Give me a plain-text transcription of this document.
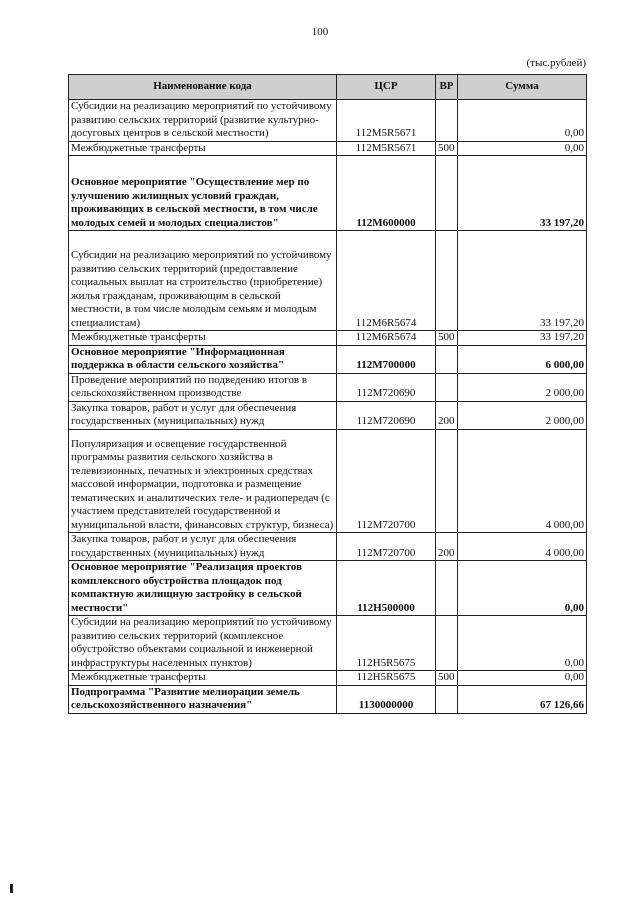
100
(тыс.рублей)
Наименование кода	ЦСР	ВР	Сумма
Субсидии на реализацию мероприятий по устойчивому развитию сельских территорий (развитие культурно-досуговых центров в сельской местности)	112M5R5671		0,00
Межбюджетные трансферты	112M5R5671	500	0,00
Основное мероприятие "Осуществление мер по улучшению жилищных условий граждан, проживающих в сельской местности, в том числе молодых семей и молодых специалистов"	112M600000		33 197,20
Субсидии на реализацию мероприятий по устойчивому развитию сельских территорий (предоставление социальных выплат на строительство (приобретение) жилья гражданам, проживающим в сельской местности, в том числе молодым семьям и молодым специалистам)	112M6R5674		33 197,20
Межбюджетные трансферты	112M6R5674	500	33 197,20
Основное мероприятие "Информационная поддержка в области сельского хозяйства"	112M700000		6 000,00
Проведение мероприятий по подведению итогов в сельскохозяйственном производстве	112M720690		2 000,00
Закупка товаров, работ и услуг для обеспечения государственных (муниципальных) нужд	112M720690	200	2 000,00
Популяризация и освещение государственной программы развития сельского хозяйства в телевизионных, печатных и электронных средствах массовой информации, подготовка и размещение тематических и аналитических теле- и радиопередач (с участием представителей государственной и муниципальной власти, финансовых структур, бизнеса)	112M720700		4 000,00
Закупка товаров, работ и услуг для обеспечения государственных (муниципальных) нужд	112M720700	200	4 000,00
Основное мероприятие "Реализация проектов комплексного обустройства площадок под компактную жилищную застройку в сельской местности"	112H500000		0,00
Субсидии на реализацию мероприятий по устойчивому развитию сельских территорий (комплексное обустройство объектами социальной и инженерной инфраструктуры населенных пунктов)	112H5R5675		0,00
Межбюджетные трансферты	112H5R5675	500	0,00
Подпрограмма "Развитие мелиорации земель сельскохозяйственного назначения"	1130000000		67 126,66
